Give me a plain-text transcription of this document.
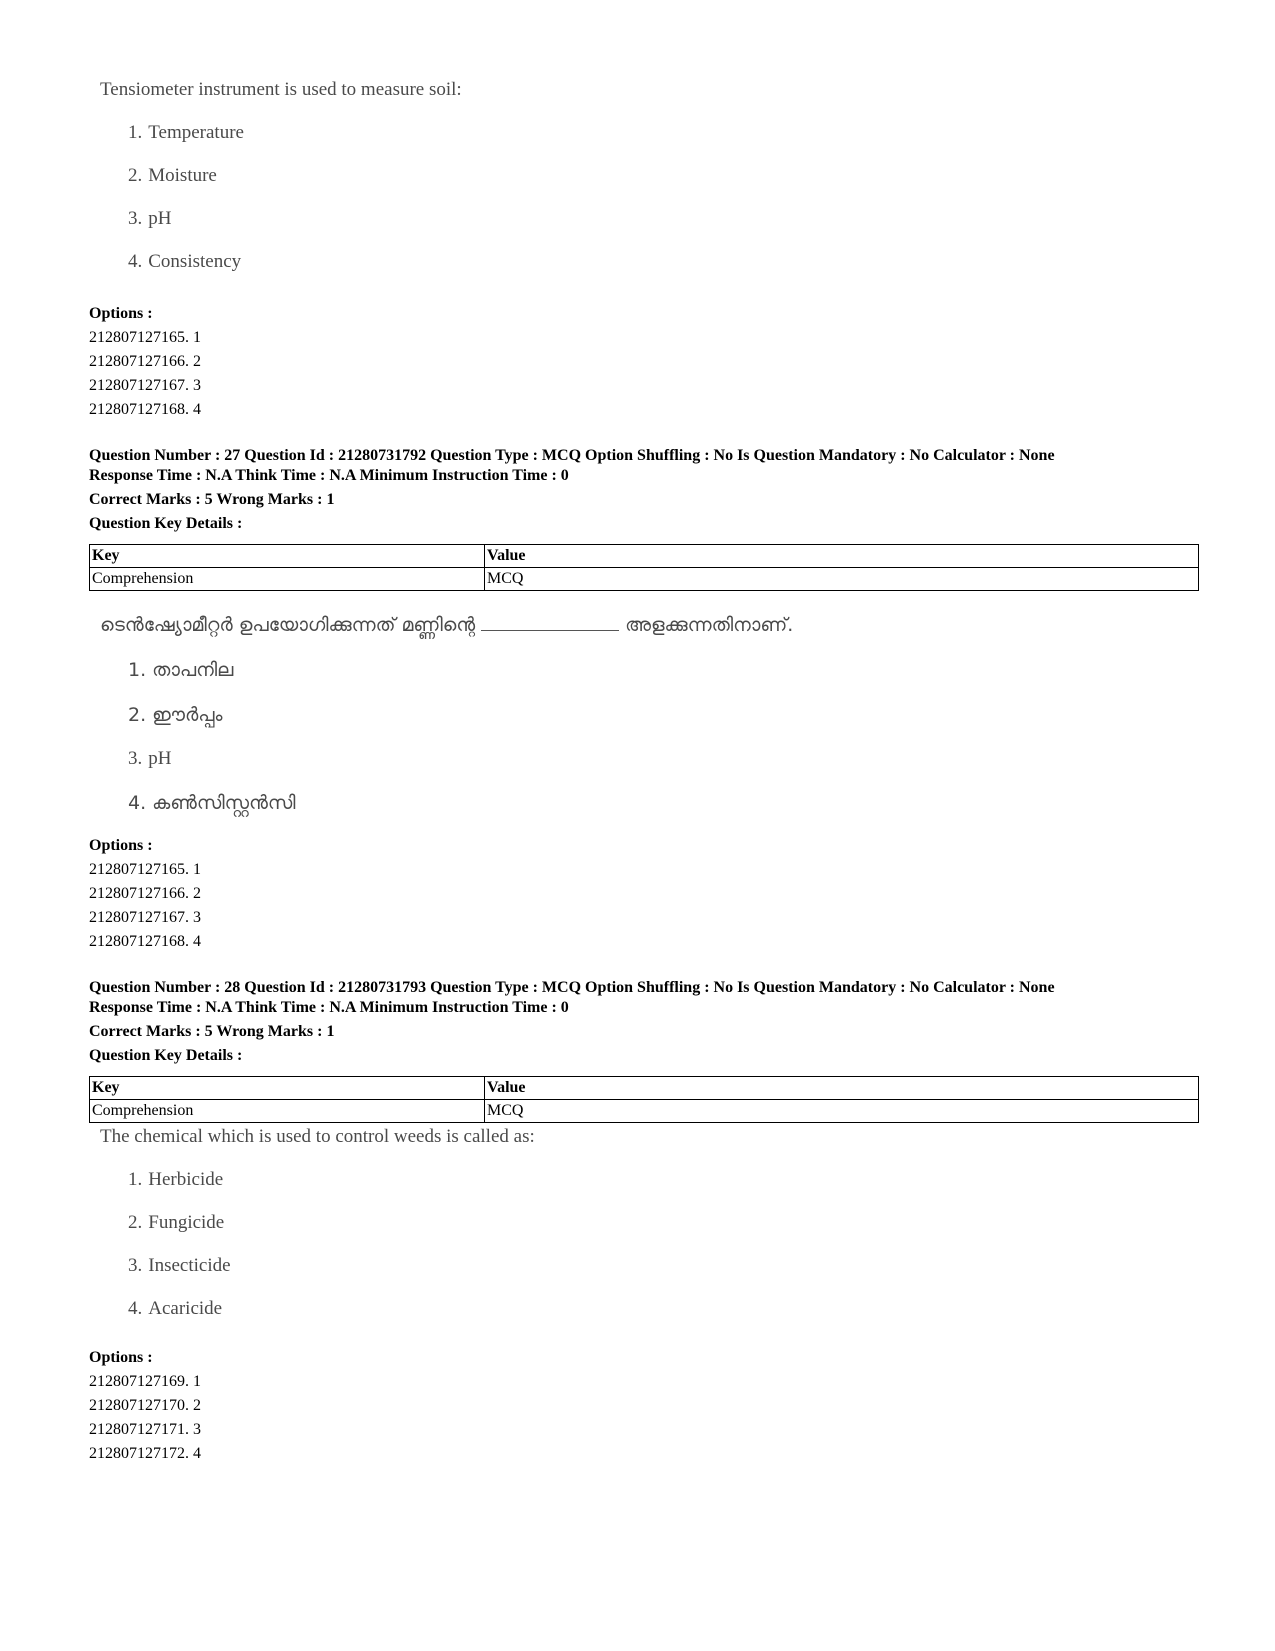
Tensiometer instrument is used to measure soil:
1. Temperature
2. Moisture
3. pH
4. Consistency
Options :
212807127165. 1
212807127166. 2
212807127167. 3
212807127168. 4
Question Number : 27 Question Id : 21280731792 Question Type : MCQ Option Shuffling : No Is Question Mandatory : No Calculator : None
Response Time : N.A Think Time : N.A Minimum Instruction Time : 0
Correct Marks : 5 Wrong Marks : 1
Question Key Details :
Key	Value
Comprehension	MCQ
ടെൻഷ്യോമീറ്റർ ഉപയോഗിക്കുന്നത് മണ്ണിന്റെ	അളക്കുന്നതിനാണ്.
1. താപനില
2. ഈർപ്പം
3. pH
4. കൺസിസ്റ്റൻസി
Options :
212807127165. 1
212807127166. 2
212807127167. 3
212807127168. 4
Question Number : 28 Question Id : 21280731793 Question Type : MCQ Option Shuffling : No Is Question Mandatory : No Calculator : None
Response Time : N.A Think Time : N.A Minimum Instruction Time : 0
Correct Marks : 5 Wrong Marks : 1
Question Key Details :
Key	Value
Comprehension	MCQ
The chemical which is used to control weeds is called as:
1. Herbicide
2. Fungicide
3. Insecticide
4. Acaricide
Options :
212807127169. 1
212807127170. 2
212807127171. 3
212807127172. 4
